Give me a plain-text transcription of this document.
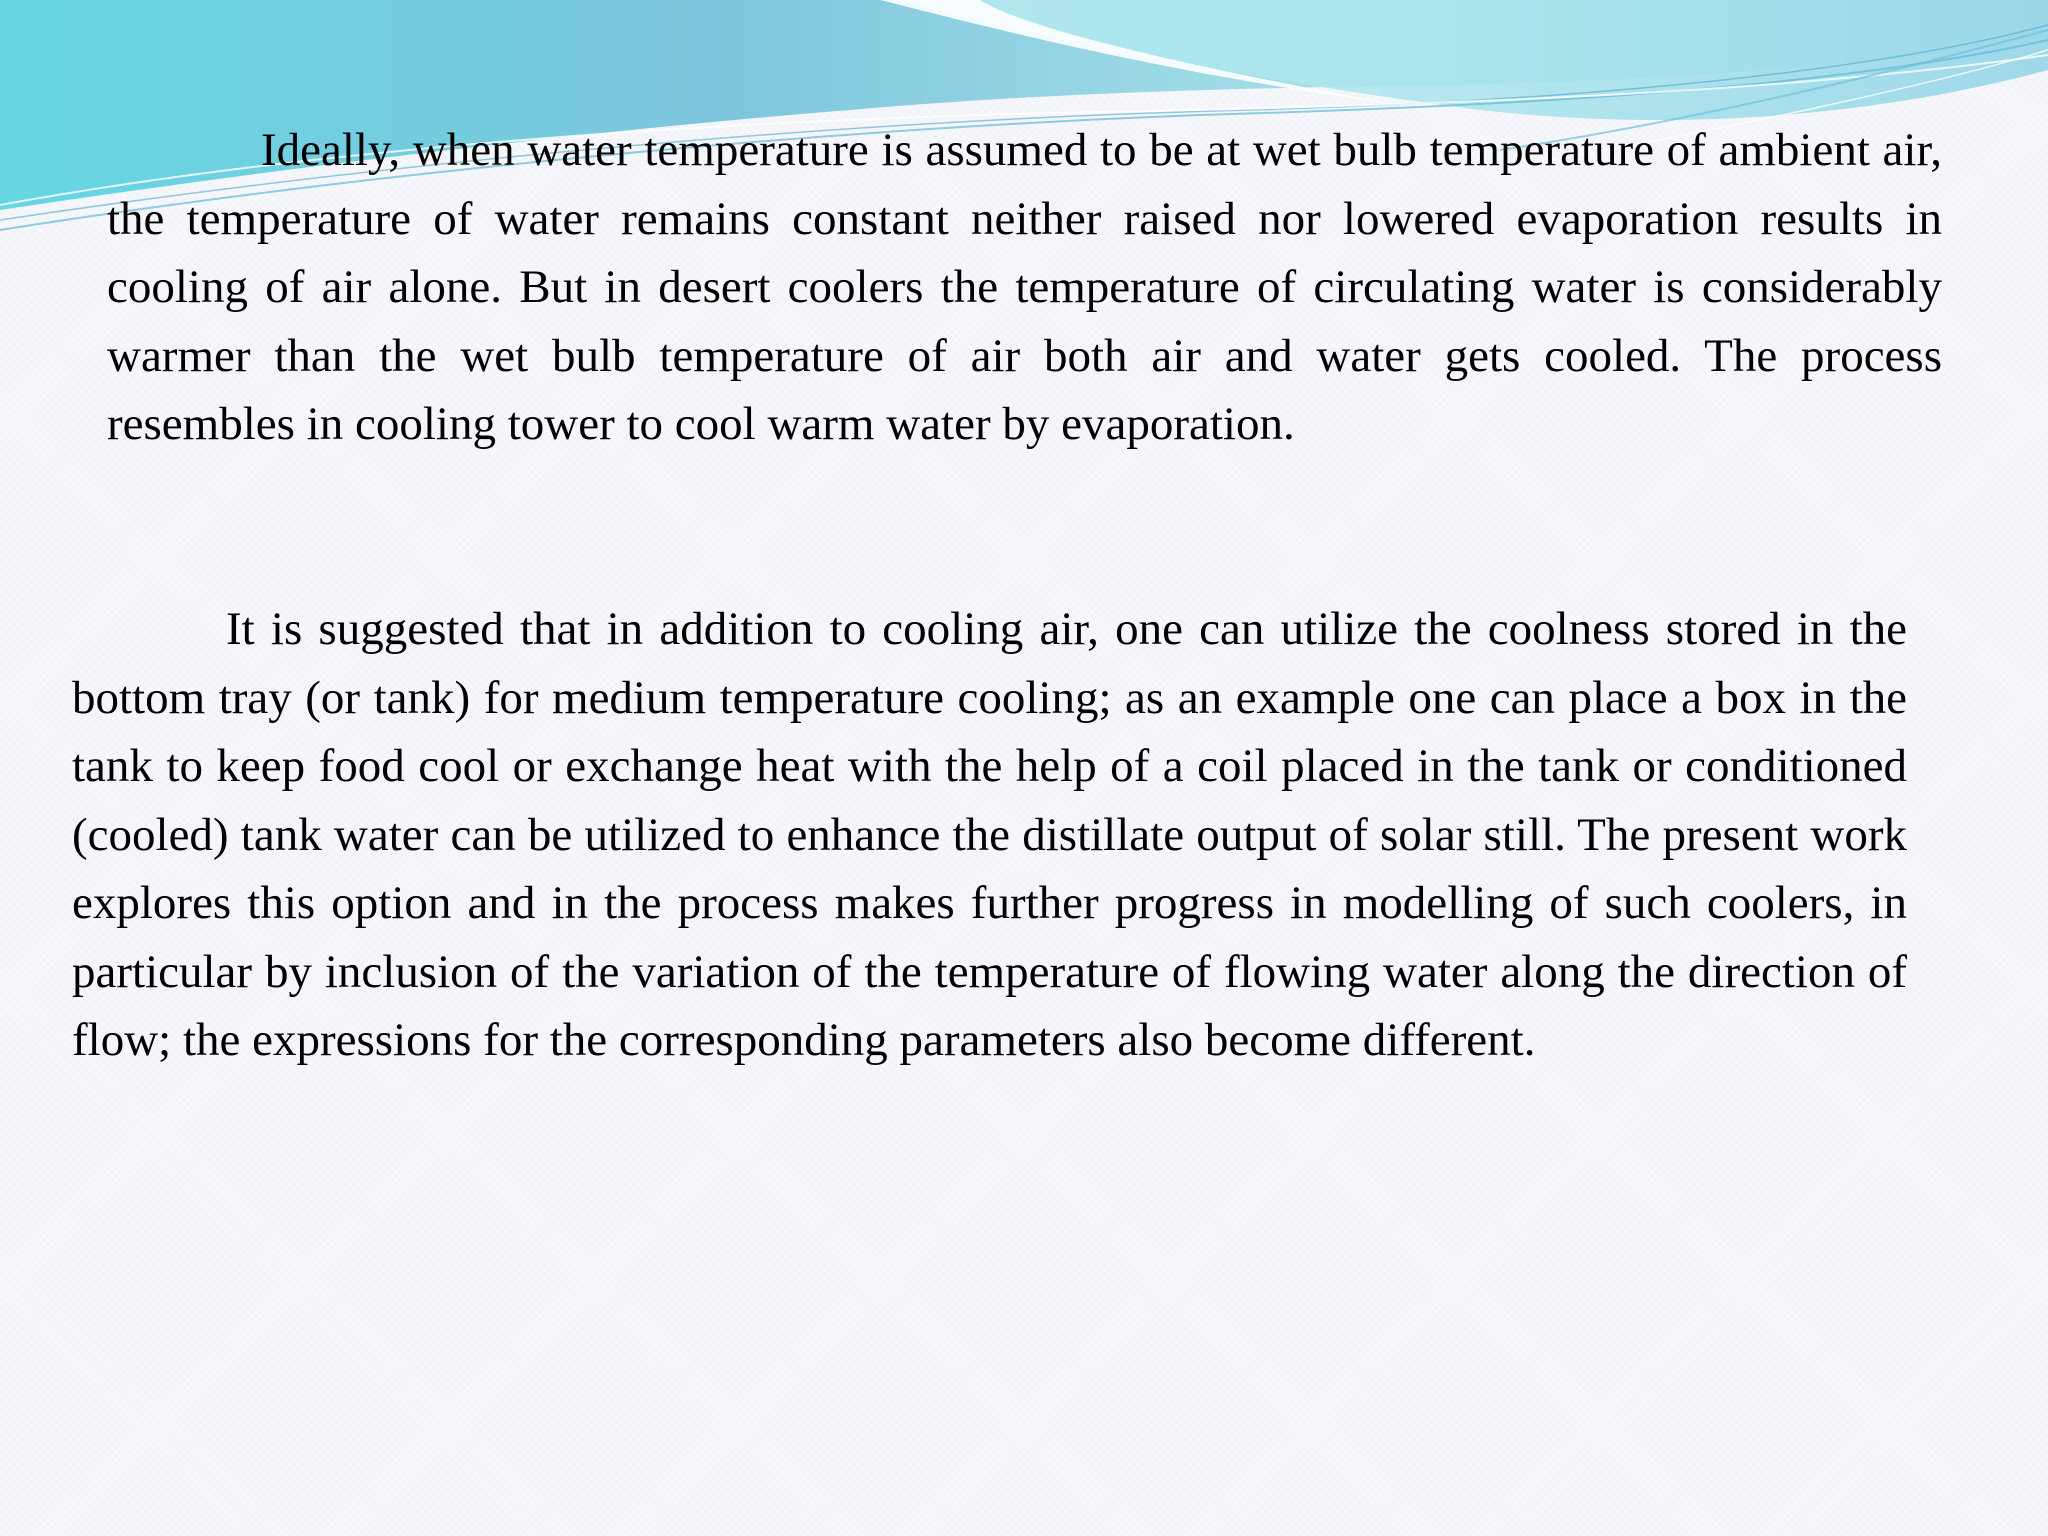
Ideally, when water temperature is assumed to be at wet bulb temperature of ambient air, the temperature of water remains constant neither raised nor lowered evaporation results in cooling of air alone. But in desert coolers the temperature of circulating water is considerably warmer than the wet bulb temperature of air both air and water gets cooled. The process resembles in cooling tower to cool warm water by evaporation.

It is suggested that in addition to cooling air, one can utilize the coolness stored in the bottom tray (or tank) for medium temperature cooling; as an example one can place a box in the tank to keep food cool or exchange heat with the help of a coil placed in the tank or conditioned (cooled) tank water can be utilized to enhance the distillate output of solar still. The present work explores this option and in the process makes further progress in modelling of such coolers, in particular by inclusion of the variation of the temperature of flowing water along the direction of flow; the expressions for the corresponding parameters also become different.
